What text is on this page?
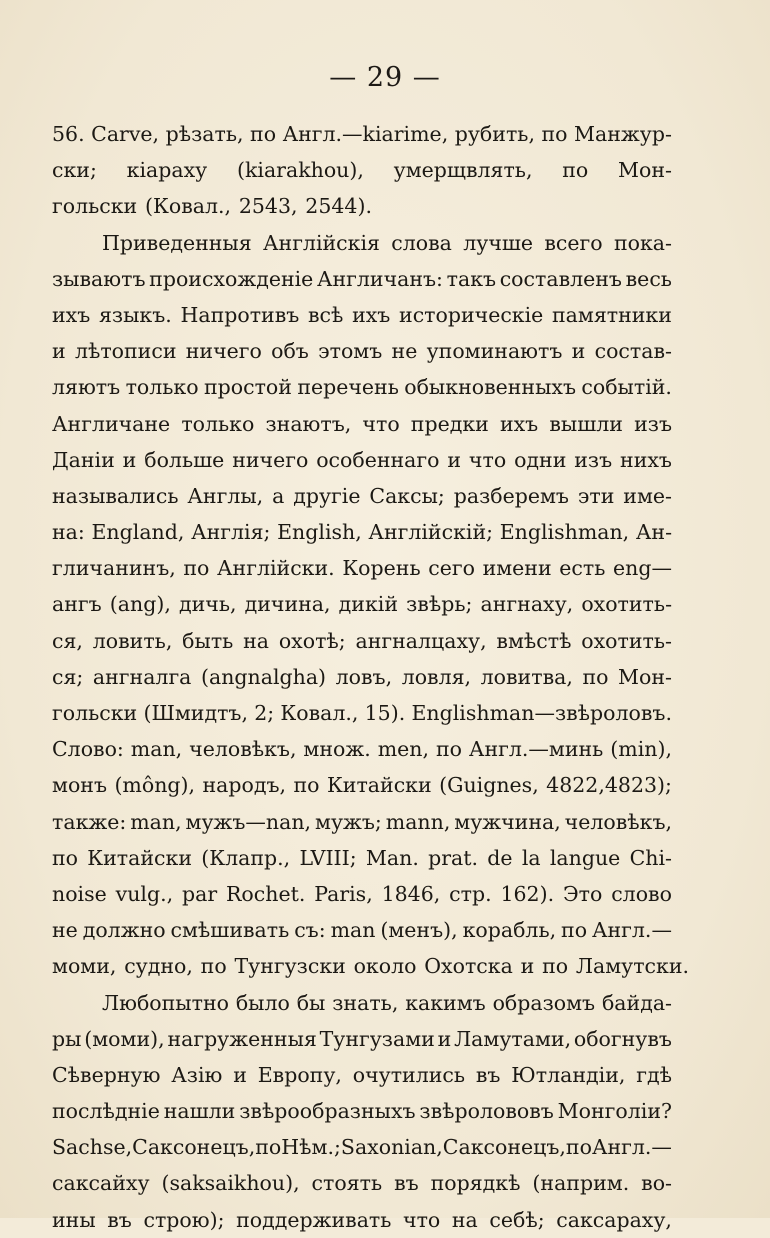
— 29 —
56. Carve, рѣзать, по Англ.—kiarime, рубить, по Манжур-
ски; кіараху (kiarakhou), умерщвлять, по Мон-
гольски (Ковал., 2543, 2544).
Приведенныя Англійскія слова лучше всего пока-
зываютъ происхожденіе Англичанъ: такъ составленъ весь
ихъ языкъ. Напротивъ всѣ ихъ историческіе памятники
и лѣтописи ничего объ этомъ не упоминаютъ и состав-
ляютъ только простой перечень обыкновенныхъ событій.
Англичане только знаютъ, что предки ихъ вышли изъ
Даніи и больше ничего особеннаго и что одни изъ нихъ
назывались Англы, а другіе Саксы; разберемъ эти име-
на: England, Англія; English, Англійскій; Englishman, Ан-
гличанинъ, по Англійски. Корень сего имени есть eng—
ангъ (ang), дичь, дичина, дикій звѣрь; ангнаху, охотить-
ся, ловить, быть на охотѣ; ангналцаху, вмѣстѣ охотить-
ся; ангналга (angnalgha) ловъ, ловля, ловитва, по Мон-
гольски (Шмидтъ, 2; Ковал., 15). Englishman—звѣроловъ.
Слово: man, человѣкъ, множ. men, по Англ.—минь (min),
монъ (mông), народъ, по Китайски (Guignes, 4822,4823);
также: man, мужъ—nan, мужъ; mann, мужчина, человѣкъ,
по Китайски (Клапр., LVIII; Man. prat. de la langue Chi-
noise vulg., par Rochet. Paris, 1846, стр. 162). Это слово
не должно смѣшивать съ: man (менъ), корабль, по Англ.—
моми, судно, по Тунгузски около Охотска и по Ламутски.
Любопытно было бы знать, какимъ образомъ байда-
ры (моми), нагруженныя Тунгузами и Ламутами, обогнувъ
Сѣверную Азію и Европу, очутились въ Ютландіи, гдѣ
послѣдніе нашли звѣрообразныхъ звѣролововъ Монголіи?
Sachse, Саксонецъ, по Нѣм.; Saxonian, Саксонецъ, по Англ.—
саксайху (saksaikhou), стоять въ порядкѣ (наприм. во-
ины въ строю); поддерживать что на себѣ; саксараху,
